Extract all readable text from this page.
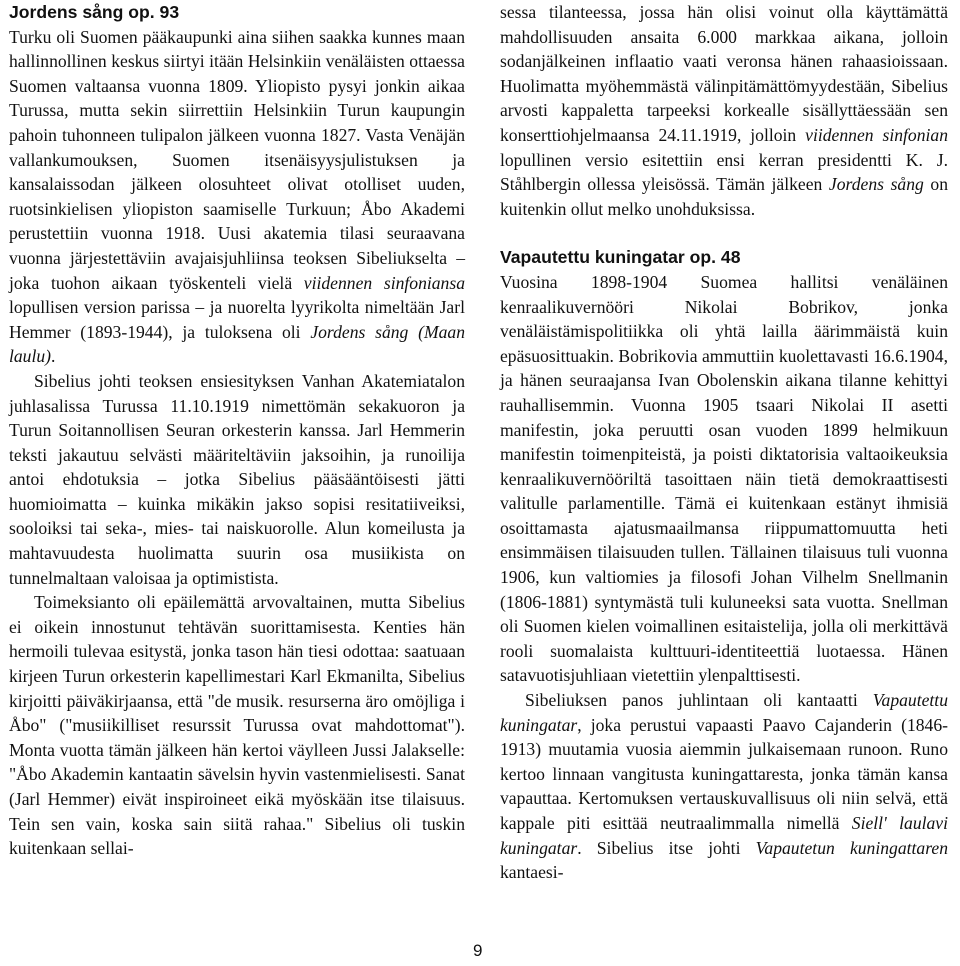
Jordens sång op. 93

Turku oli Suomen pääkaupunki aina siihen saakka kunnes maan hallinnollinen keskus siirtyi itään Helsinkiin venäläisten ottaessa Suomen valtaansa vuonna 1809. Yliopisto pysyi jonkin aikaa Turussa, mutta sekin siirrettiin Helsinkiin Turun kaupungin pahoin tuhonneen tulipalon jälkeen vuonna 1827. Vasta Venäjän vallankumouksen, Suomen itsenäisyysjulistuksen ja kansalaissodan jälkeen olosuhteet olivat otolliset uuden, ruotsinkielisen yliopiston saamiselle Turkuun; Åbo Akademi perustettiin vuonna 1918. Uusi akatemia tilasi seuraavana vuonna järjestettäviin avajaisjuhliinsa teoksen Sibeliukselta – joka tuohon aikaan työskenteli vielä viidennen sinfoniansa lopullisen version parissa – ja nuorelta lyyrikolta nimeltään Jarl Hemmer (1893-1944), ja tuloksena oli Jordens sång (Maan laulu).

Sibelius johti teoksen ensiesityksen Vanhan Akatemiatalon juhlasalissa Turussa 11.10.1919 nimettömän sekakuoron ja Turun Soitannollisen Seuran orkesterin kanssa. Jarl Hemmerin teksti jakautuu selvästi määriteltäviin jaksoihin, ja runoilija antoi ehdotuksia – jotka Sibelius pääsääntöisesti jätti huomioimatta – kuinka mikäkin jakso sopisi resitatiiveiksi, sooloiksi tai seka-, mies- tai naiskuorolle. Alun komeilusta ja mahtavuudesta huolimatta suurin osa musiikista on tunnelmaltaan valoisaa ja optimistista.

Toimeksianto oli epäilemättä arvovaltainen, mutta Sibelius ei oikein innostunut tehtävän suorittamisesta. Kenties hän hermoili tulevaa esitystä, jonka tason hän tiesi odottaa: saatuaan kirjeen Turun orkesterin kapellimestari Karl Ekmanilta, Sibelius kirjoitti päiväkirjaansa, että "de musik. resurserna äro omöjliga i Åbo" ("musiikilliset resurssit Turussa ovat mahdottomat"). Monta vuotta tämän jälkeen hän kertoi väylleen Jussi Jalakselle: "Åbo Akademin kantaatin sävelsin hyvin vastenmielisesti. Sanat (Jarl Hemmer) eivät inspiroineet eikä myöskään itse tilaisuus. Tein sen vain, koska sain siitä rahaa." Sibelius oli tuskin kuitenkaan sellai-

sessa tilanteessa, jossa hän olisi voinut olla käyttämättä mahdollisuuden ansaita 6.000 markkaa aikana, jolloin sodanjälkeinen inflaatio vaati veronsa hänen rahaasioissaan. Huolimatta myöhemmästä välinpitämättömyydestään, Sibelius arvosti kappaletta tarpeeksi korkealle sisällyttäessään sen konserttiohjelmaansa 24.11.1919, jolloin viidennen sinfonian lopullinen versio esitettiin ensi kerran presidentti K. J. Ståhlbergin ollessa yleisössä. Tämän jälkeen Jordens sång on kuitenkin ollut melko unohduksissa.

Vapautettu kuningatar op. 48

Vuosina 1898-1904 Suomea hallitsi venäläinen kenraalikuvernööri Nikolai Bobrikov, jonka venäläistämispolitiikka oli yhtä lailla äärimmäistä kuin epäsuosittuakin. Bobrikovia ammuttiin kuolettavasti 16.6.1904, ja hänen seuraajansa Ivan Obolenskin aikana tilanne kehittyi rauhallisemmin. Vuonna 1905 tsaari Nikolai II asetti manifestin, joka peruutti osan vuoden 1899 helmikuun manifestin toimenpiteistä, ja poisti diktatorisia valtaoikeuksia kenraalikuvernööriltä tasoittaen näin tietä demokraattisesti valitulle parlamentille. Tämä ei kuitenkaan estänyt ihmisiä osoittamasta ajatusmaailmansa riippumattomuutta heti ensimmäisen tilaisuuden tullen. Tällainen tilaisuus tuli vuonna 1906, kun valtiomies ja filosofi Johan Vilhelm Snellmanin (1806-1881) syntymästä tuli kuluneeksi sata vuotta. Snellman oli Suomen kielen voimallinen esitaistelija, jolla oli merkittävä rooli suomalaista kulttuuri-identiteettiä luotaessa. Hänen satavuotisjuhliaan vietettiin ylenpalttisesti.

Sibeliuksen panos juhlintaan oli kantaatti Vapautettu kuningatar, joka perustui vapaasti Paavo Cajanderin (1846-1913) muutamia vuosia aiemmin julkaisemaan runoon. Runo kertoo linnaan vangitusta kuningattaresta, jonka tämän kansa vapauttaa. Kertomuksen vertauskuvallisuus oli niin selvä, että kappale piti esittää neutraalimmalla nimellä Siell' laulavi kuningatar. Sibelius itse johti Vapautetun kuningattaren kantaesi-

9
